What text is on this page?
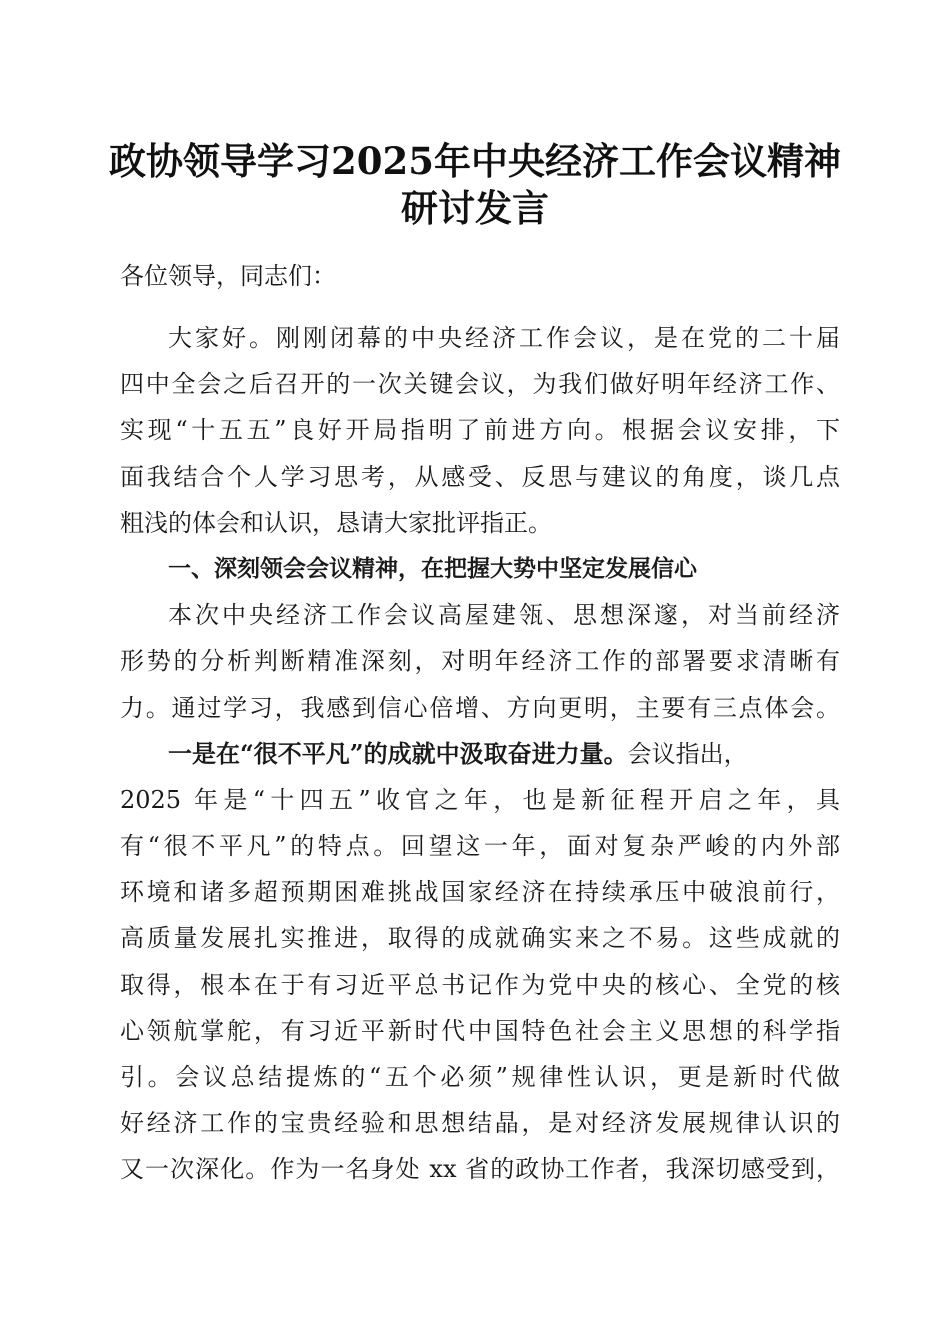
政协领导学习2025年中央经济工作会议精神
研讨发言
各位领导，同志们：
大家好。刚刚闭幕的中央经济工作会议，是在党的二十届
四中全会之后召开的一次关键会议，为我们做好明年经济工作、
实现“十五五”良好开局指明了前进方向。根据会议安排，下
面我结合个人学习思考，从感受、反思与建议的角度，谈几点
粗浅的体会和认识，恳请大家批评指正。
一、深刻领会会议精神，在把握大势中坚定发展信心
本次中央经济工作会议高屋建瓴、思想深邃，对当前经济
形势的分析判断精准深刻，对明年经济工作的部署要求清晰有
力。通过学习，我感到信心倍增、方向更明，主要有三点体会。
一是在“很不平凡”的成就中汲取奋进力量。会议指出，
2025 年是“十四五”收官之年，也是新征程开启之年，具
有“很不平凡”的特点。回望这一年，面对复杂严峻的内外部
环境和诸多超预期困难挑战国家经济在持续承压中破浪前行，
高质量发展扎实推进，取得的成就确实来之不易。这些成就的
取得，根本在于有习近平总书记作为党中央的核心、全党的核
心领航掌舵，有习近平新时代中国特色社会主义思想的科学指
引。会议总结提炼的“五个必须”规律性认识，更是新时代做
好经济工作的宝贵经验和思想结晶，是对经济发展规律认识的
又一次深化。作为一名身处 xx 省的政协工作者，我深切感受到，
